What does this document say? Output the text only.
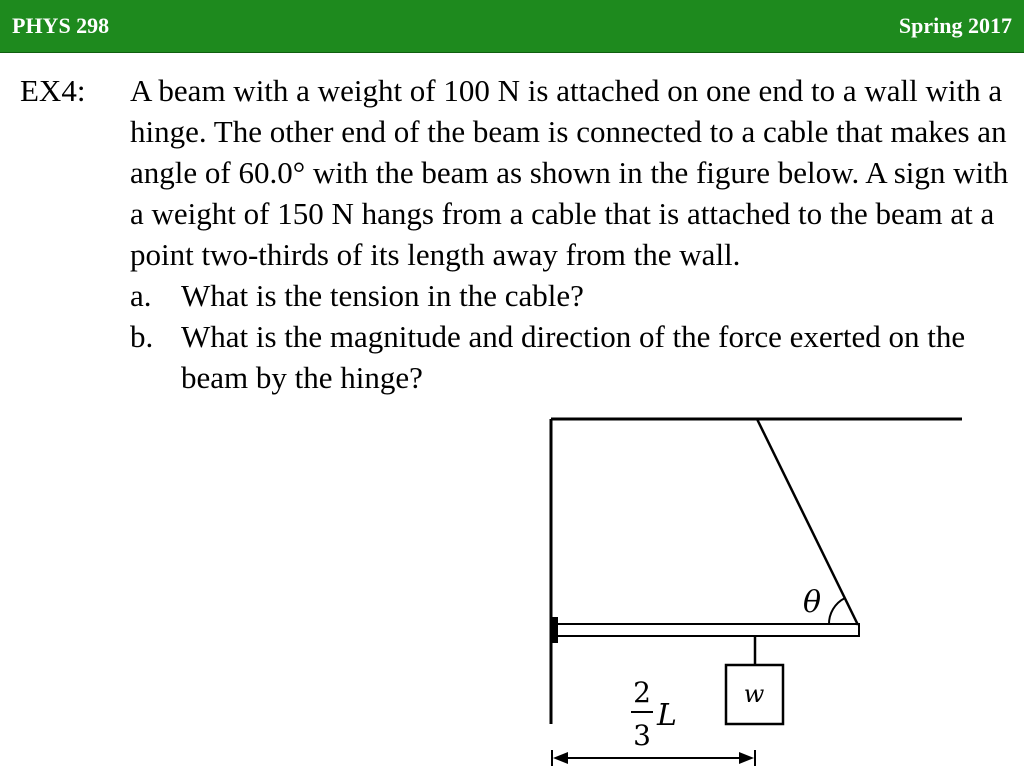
PHYS 298	Spring 2017
EX4: A beam with a weight of 100 N is attached on one end to a wall with a hinge. The other end of the beam is connected to a cable that makes an angle of 60.0° with the beam as shown in the figure below. A sign with a weight of 150 N hangs from a cable that is attached to the beam at a point two-thirds of its length away from the wall.

a. What is the tension in the cable?
b. What is the magnitude and direction of the force exerted on the beam by the hinge?
θ
w
2
3
L
